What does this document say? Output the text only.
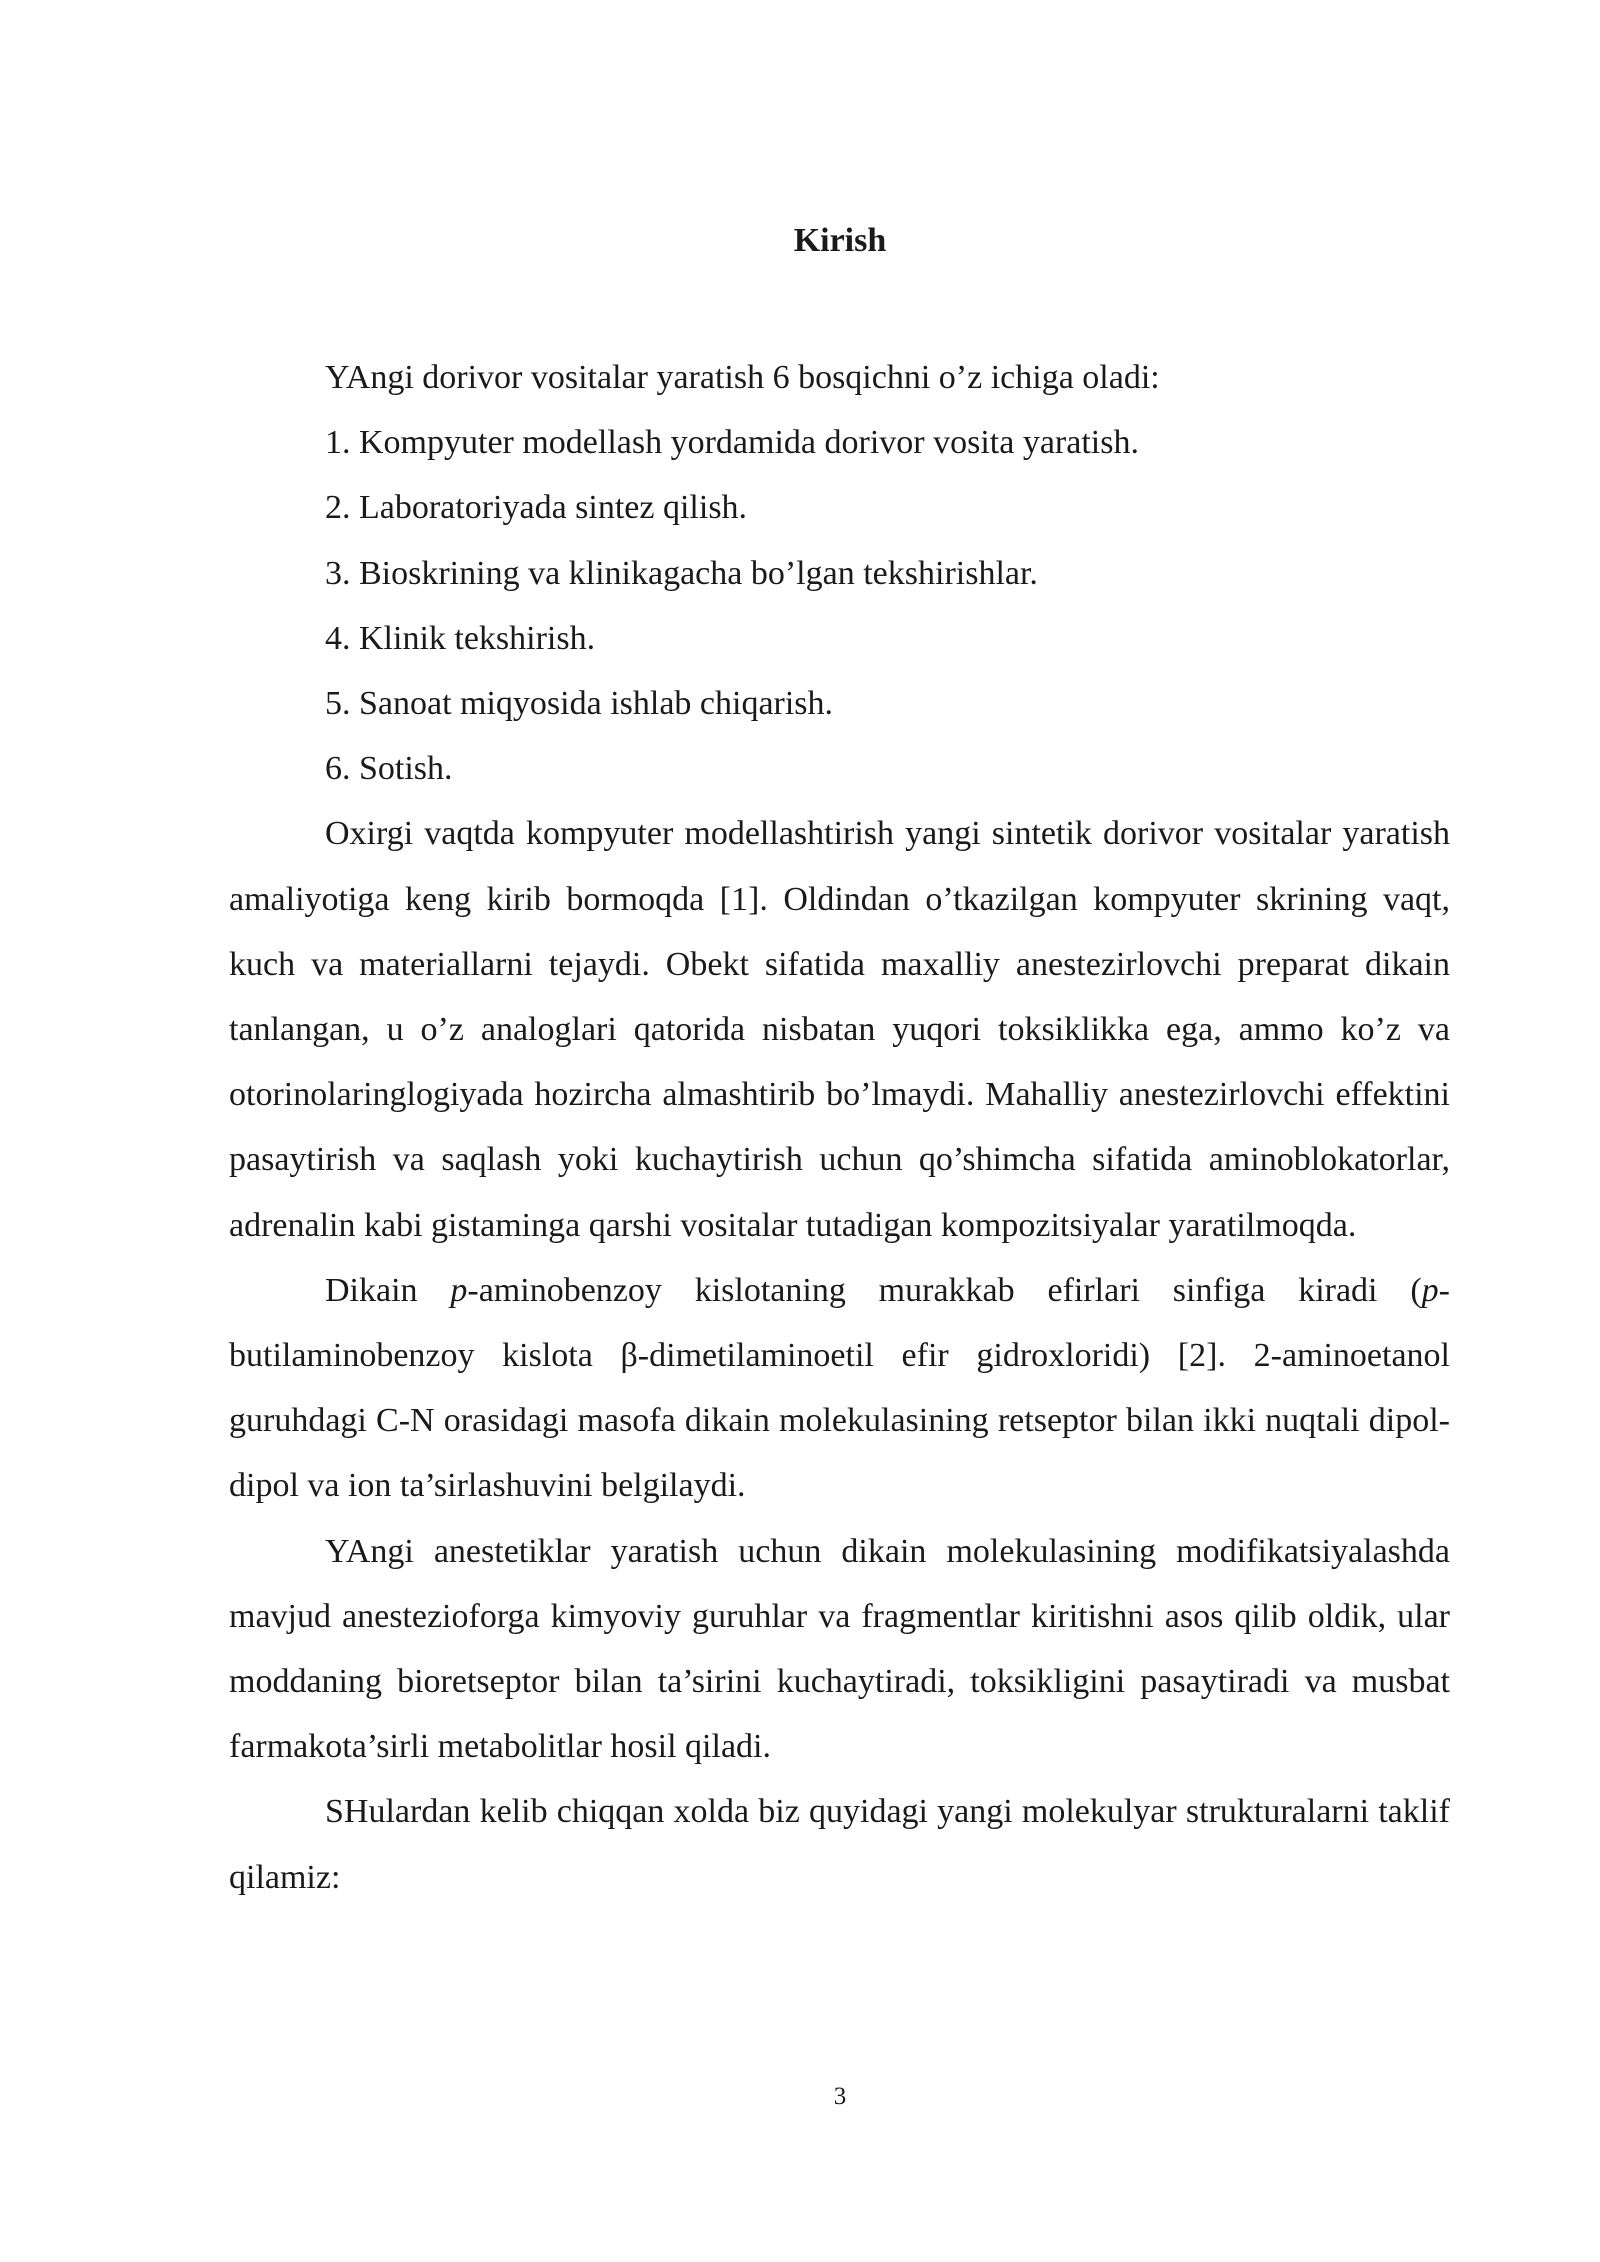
Kirish

YAngi dorivor vositalar yaratish 6 bosqichni o’z ichiga oladi:

1. Kompyuter modellash yordamida dorivor vosita yaratish.

2. Laboratoriyada sintez qilish.

3. Bioskrining va klinikagacha bo’lgan tekshirishlar.

4. Klinik tekshirish.

5. Sanoat miqyosida ishlab chiqarish.

6. Sotish.

Oxirgi vaqtda kompyuter modellashtirish yangi sintetik dorivor vositalar yaratish amaliyotiga keng kirib bormoqda [1]. Oldindan o’tkazilgan kompyuter skrining vaqt, kuch va materiallarni tejaydi. Obekt sifatida maxalliy anestezirlovchi preparat dikain tanlangan, u o’z analoglari qatorida nisbatan yuqori toksiklikka ega, ammo ko’z va otorinolaringlogiyada hozircha almashtirib bo’lmaydi. Mahalliy anestezirlovchi effektini pasaytirish va saqlash yoki kuchaytirish uchun qo’shimcha sifatida aminoblokatorlar, adrenalin kabi gistaminga qarshi vositalar tutadigan kompozitsiyalar yaratilmoqda.

Dikain p-aminobenzoy kislotaning murakkab efirlari sinfiga kiradi (p-butilaminobenzoy kislota β-dimetilaminoetil efir gidroxloridi) [2]. 2-aminoetanol guruhdagi C-N orasidagi masofa dikain molekulasining retseptor bilan ikki nuqtali dipol-dipol va ion ta’sirlashuvini belgilaydi.

YAngi anestetiklar yaratish uchun dikain molekulasining modifikatsiyalashda mavjud anestezioforga kimyoviy guruhlar va fragmentlar kiritishni asos qilib oldik, ular moddaning bioretseptor bilan ta’sirini kuchaytiradi, toksikligini pasaytiradi va musbat farmakota’sirli metabolitlar hosil qiladi.

SHulardan kelib chiqqan xolda biz quyidagi yangi molekulyar strukturalarni taklif qilamiz:

3
